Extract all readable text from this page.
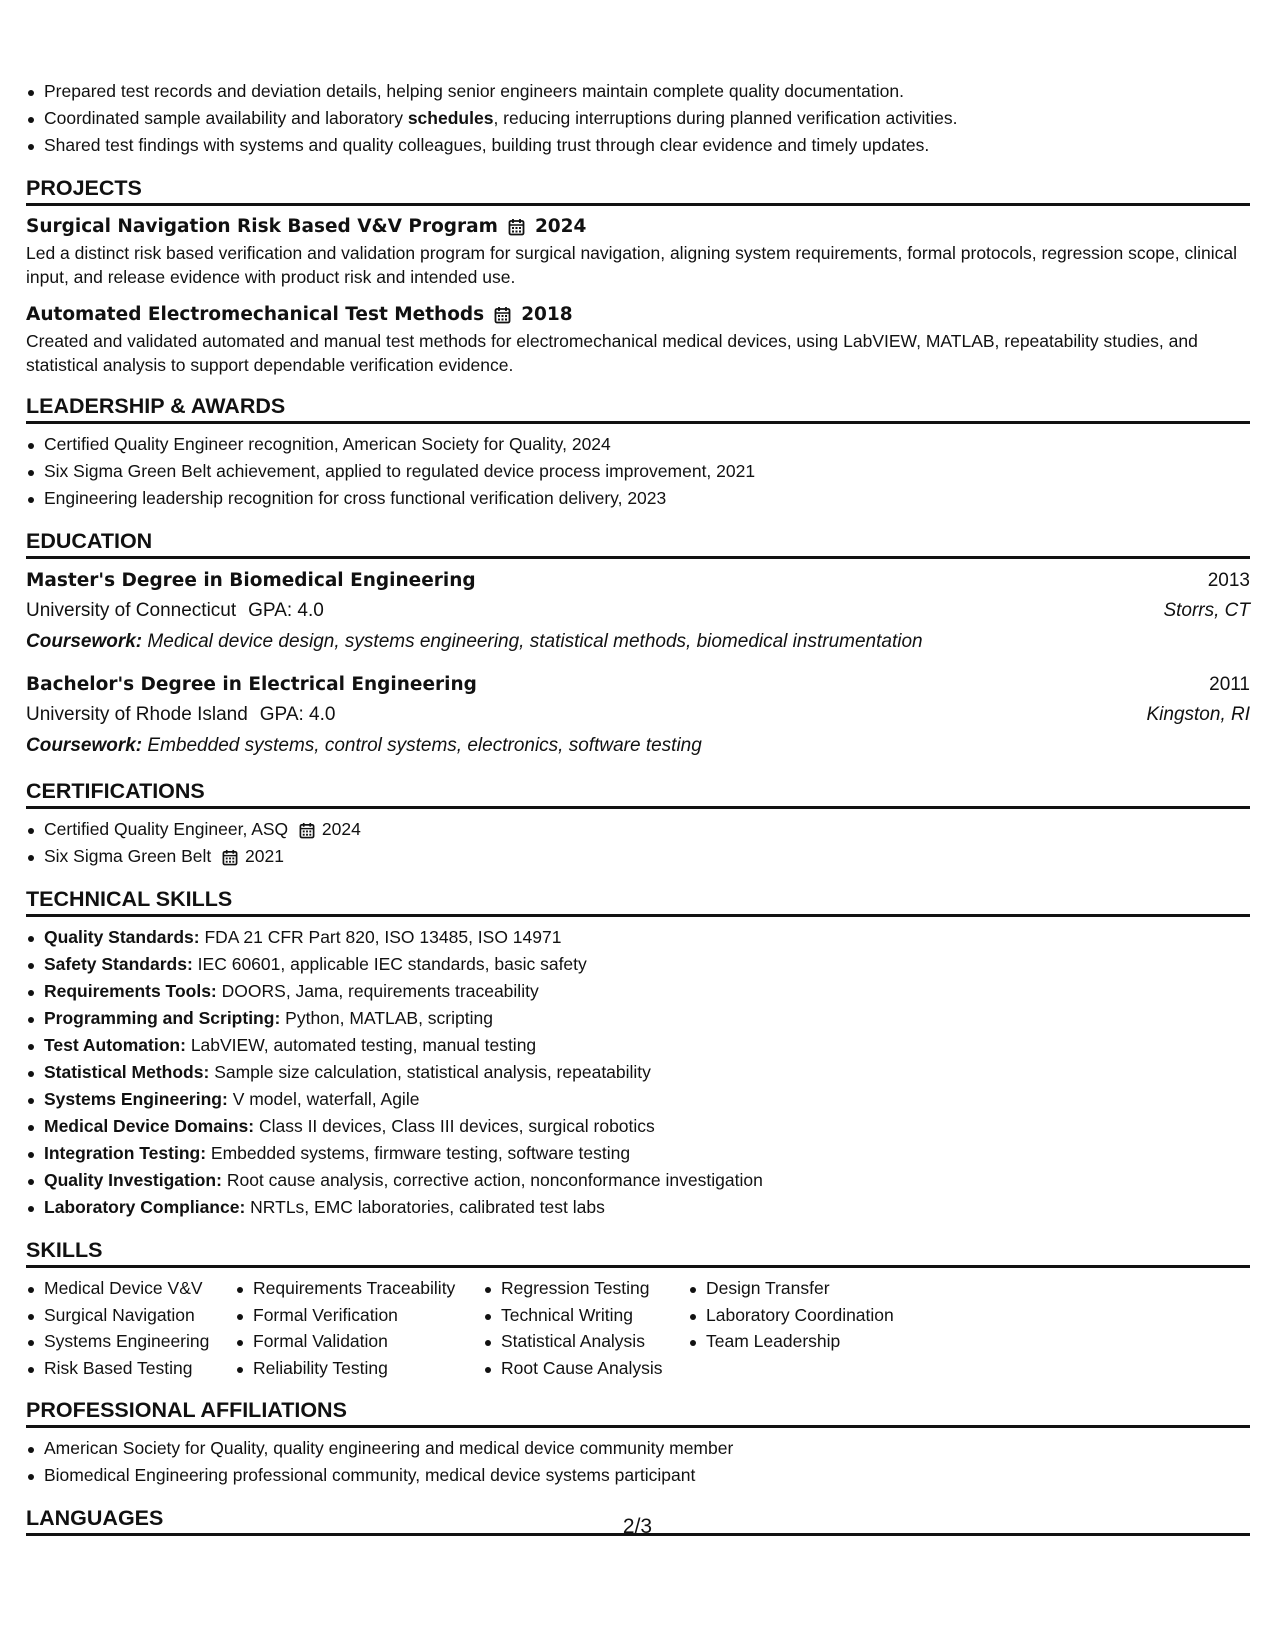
Prepared test records and deviation details, helping senior engineers maintain complete quality documentation.
Coordinated sample availability and laboratory schedules, reducing interruptions during planned verification activities.
Shared test findings with systems and quality colleagues, building trust through clear evidence and timely updates.
PROJECTS
Surgical Navigation Risk Based V&V Program 2024
Led a distinct risk based verification and validation program for surgical navigation, aligning system requirements, formal protocols, regression scope, clinical input, and release evidence with product risk and intended use.
Automated Electromechanical Test Methods 2018
Created and validated automated and manual test methods for electromechanical medical devices, using LabVIEW, MATLAB, repeatability studies, and statistical analysis to support dependable verification evidence.
LEADERSHIP & AWARDS
Certified Quality Engineer recognition, American Society for Quality, 2024
Six Sigma Green Belt achievement, applied to regulated device process improvement, 2021
Engineering leadership recognition for cross functional verification delivery, 2023
EDUCATION
Master's Degree in Biomedical Engineering	2013
University of Connecticut GPA: 4.0	Storrs, CT
Coursework: Medical device design, systems engineering, statistical methods, biomedical instrumentation
Bachelor's Degree in Electrical Engineering	2011
University of Rhode Island GPA: 4.0	Kingston, RI
Coursework: Embedded systems, control systems, electronics, software testing
CERTIFICATIONS
Certified Quality Engineer, ASQ 2024
Six Sigma Green Belt 2021
TECHNICAL SKILLS
Quality Standards: FDA 21 CFR Part 820, ISO 13485, ISO 14971
Safety Standards: IEC 60601, applicable IEC standards, basic safety
Requirements Tools: DOORS, Jama, requirements traceability
Programming and Scripting: Python, MATLAB, scripting
Test Automation: LabVIEW, automated testing, manual testing
Statistical Methods: Sample size calculation, statistical analysis, repeatability
Systems Engineering: V model, waterfall, Agile
Medical Device Domains: Class II devices, Class III devices, surgical robotics
Integration Testing: Embedded systems, firmware testing, software testing
Quality Investigation: Root cause analysis, corrective action, nonconformance investigation
Laboratory Compliance: NRTLs, EMC laboratories, calibrated test labs
SKILLS
Medical Device V&V
Surgical Navigation
Systems Engineering
Risk Based Testing
Requirements Traceability
Formal Verification
Formal Validation
Reliability Testing
Regression Testing
Technical Writing
Statistical Analysis
Root Cause Analysis
Design Transfer
Laboratory Coordination
Team Leadership
PROFESSIONAL AFFILIATIONS
American Society for Quality, quality engineering and medical device community member
Biomedical Engineering professional community, medical device systems participant
LANGUAGES	2/3
